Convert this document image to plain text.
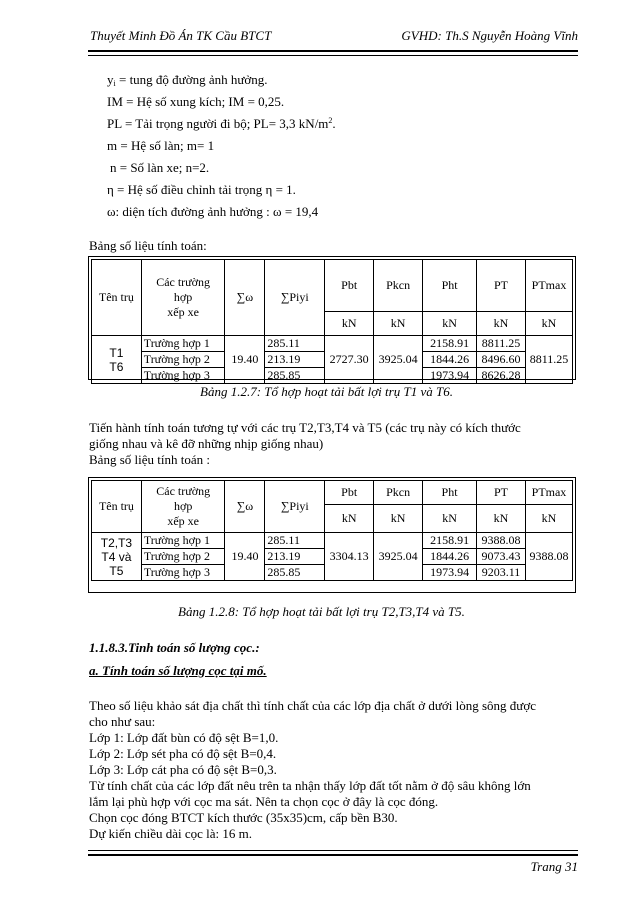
Thuyết Minh Đồ Án TK Cầu BTCT	GVHD: Th.S Nguyễn Hoàng Vĩnh
$y_i$ = tung độ đường ảnh hưởng.
IM = Hệ số xung kích; IM = 0,25.
PL = Tải trọng người đi bộ; PL= 3,3 $kN/m^2$.
m = Hệ số làn; m= 1
n = Số làn xe; n=2.
η = Hệ số điều chỉnh tải trọng η = 1.
ω: diện tích đường ảnh hưởng : ω = 19,4
Bảng số liệu tính toán:
Tên trụ	Các trường
hợp
xếp xe	∑ω	∑Piyi	Pbt	Pkcn	Pht	PT	PTmax
				kN	kN	kN	kN	kN

T1
T6	Trường hợp 1	19.40	285.11	2727.30	3925.04	2158.91	8811.25	8811.25
	Trường hợp 2		213.19			1844.26	8496.60	
	Trường hợp 3		285.85			1973.94	8626.28	
Bảng 1.2.7: Tổ hợp hoạt tải bất lợi trụ T1 và T6.

Tiến hành tính toán tương tự với các trụ T2,T3,T4 và T5 (các trụ này có kích thước

giống nhau và kê đỡ những nhịp giống nhau)

Bảng số liệu tính toán :

Tên trụ	Các trường
hợp
xếp xe	∑ω	∑Piyi	Pbt	Pkcn	Pht	PT	PTmax
				kN	kN	kN	kN	kN

T2,T3
T4 và
T5	Trường hợp 1	19.40	285.11	3304.13	3925.04	2158.91	9388.08	9388.08
	Trường hợp 2		213.19			1844.26	9073.43	
	Trường hợp 3		285.85			1973.94	9203.11	
Bảng 1.2.8: Tổ hợp hoạt tải bất lợi trụ T2,T3,T4 và T5.
1.1.8.3.Tinh toán số lượng cọc.:
a. Tính toán số lượng cọc tại mố.

Theo số liệu khảo sát địa chất thì tính chất của các lớp địa chất ở dưới lòng sông được

cho như sau:

Lớp 1: Lớp đất bùn có độ sệt B=1,0.

Lớp 2: Lớp sét pha có độ sệt B=0,4.

Lớp 3: Lớp cát pha có độ sệt B=0,3.

Từ tính chất của các lớp đất nêu trên ta nhận thấy lớp đất tốt nằm ở độ sâu không lớn

lắm lại phù hợp với cọc ma sát. Nên ta chọn cọc ở đây là cọc đóng.

Chọn cọc đóng BTCT kích thước (35x35)cm, cấp bền B30.

Dự kiến chiều dài cọc là: 16 m.

Trang 31
